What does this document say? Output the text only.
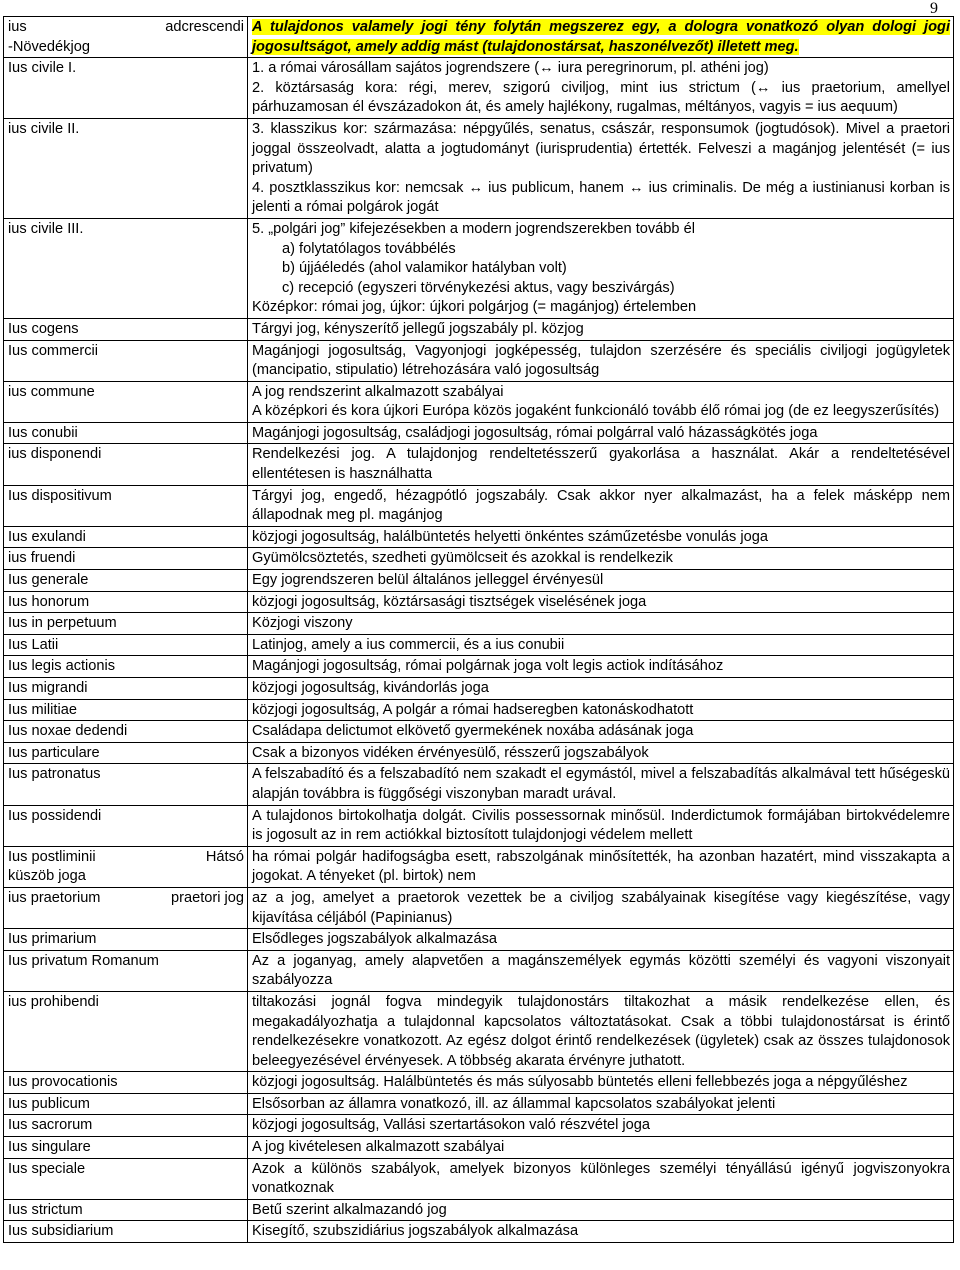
9
ius adcrescendi
-Növedékjog	A tulajdonos valamely jogi tény folytán megszerez egy, a dologra vonatkozó olyan dologi jogi jogosultságot, amely addig mást (tulajdonostársat, haszonélvezőt) illetett meg.
Ius civile I.	1. a római városállam sajátos jogrendszere (↔ iura peregrinorum, pl. athéni jog)
2. köztársaság kora: régi, merev, szigorú civiljog, mint ius strictum (↔ ius praetorium, amellyel párhuzamosan él évszázadokon át, és amely hajlékony, rugalmas, méltányos, vagyis = ius aequum)

ius civile II.	3. klasszikus kor: származása: népgyűlés, senatus, császár, responsumok (jogtudósok). Mivel a praetori joggal összeolvadt, alatta a jogtudományt (iurisprudentia) értették. Felveszi a magánjog jelentését (= ius privatum)
4. posztklasszikus kor: nemcsak ↔ ius publicum, hanem ↔ ius criminalis. De még a iustinianusi korban is jelenti a római polgárok jogát

ius civile III.	5. „polgári jog” kifejezésekben a modern jogrendszerekben tovább él
a) folytatólagos továbbélés
b) újjáéledés (ahol valamikor hatályban volt)
c) recepció (egyszeri törvénykezési aktus, vagy beszivárgás)
Középkor: római jog, újkor: újkori polgárjog (= magánjog) értelemben

Ius cogens	Tárgyi jog, kényszerítő jellegű jogszabály pl. közjog
Ius commercii	Magánjogi jogosultság, Vagyonjogi jogképesség, tulajdon szerzésére és speciális civiljogi jogügyletek (mancipatio, stipulatio) létrehozására való jogosultság
ius commune	A jog rendszerint alkalmazott szabályai
A középkori és kora újkori Európa közös jogaként funkcionáló tovább élő római jog (de ez leegyszerűsítés)

Ius conubii	Magánjogi jogosultság, családjogi jogosultság, római polgárral való házasságkötés joga
ius disponendi	Rendelkezési jog. A tulajdonjog rendeltetésszerű gyakorlása a használat. Akár a rendeltetésével ellentétesen is használhatta
Ius dispositivum	Tárgyi jog, engedő, hézagpótló jogszabály. Csak akkor nyer alkalmazást, ha a felek másképp nem állapodnak meg pl. magánjog
Ius exulandi	közjogi jogosultság, halálbüntetés helyetti önkéntes száműzetésbe vonulás joga
ius fruendi	Gyümölcsöztetés, szedheti gyümölcseit és azokkal is rendelkezik
Ius generale	Egy jogrendszeren belül általános jelleggel érvényesül
Ius honorum	közjogi jogosultság, köztársasági tisztségek viselésének joga
Ius in perpetuum	Közjogi viszony
Ius Latii	Latinjog, amely a ius commercii, és a ius conubii
Ius legis actionis	Magánjogi jogosultság, római polgárnak joga volt legis actiok indításához
Ius migrandi	közjogi jogosultság, kivándorlás joga
Ius militiae	közjogi jogosultság, A polgár a római hadseregben katonáskodhatott
Ius noxae dedendi	Családapa delictumot elkövető gyermekének noxába adásának joga
Ius particulare	Csak a bizonyos vidéken érvényesülő, résszerű jogszabályok
Ius patronatus	A felszabadító és a felszabadító nem szakadt el egymástól, mivel a felszabadítás alkalmával tett hűségeskü alapján továbbra is függőségi viszonyban maradt urával.
Ius possidendi	A tulajdonos birtokolhatja dolgát. Civilis possessornak minősül. Inderdictumok formájában birtokvédelemre is jogosult az in rem actiókkal biztosított tulajdonjogi védelem mellett

Ius postliminii Hátsó
küszöb joga	ha római polgár hadifogságba esett, rabszolgának minősítették, ha azonban hazatért, mind visszakapta a jogokat. A tényeket (pl. birtok) nem

ius praetorium praetori jog	az a jog, amelyet a praetorok vezettek be a civiljog szabályainak kisegítése vagy kiegészítése, vagy kijavítása céljából (Papinianus)
Ius primarium	Elsődleges jogszabályok alkalmazása
Ius privatum Romanum	Az a joganyag, amely alapvetően a magánszemélyek egymás közötti személyi és vagyoni viszonyait szabályozza
ius prohibendi	tiltakozási jognál fogva mindegyik tulajdonostárs tiltakozhat a másik rendelkezése ellen, és megakadályozhatja a tulajdonnal kapcsolatos változtatásokat. Csak a többi tulajdonostársat is érintő rendelkezésekre vonatkozott. Az egész dolgot érintő rendelkezések (ügyletek) csak az összes tulajdonosok beleegyezésével érvényesek. A többség akarata érvényre juthatott.
Ius provocationis	közjogi jogosultság. Halálbüntetés és más súlyosabb büntetés elleni fellebbezés joga a népgyűléshez
Ius publicum	Elsősorban az államra vonatkozó, ill. az állammal kapcsolatos szabályokat jelenti
Ius sacrorum	közjogi jogosultság, Vallási szertartásokon való részvétel joga
Ius singulare	A jog kivételesen alkalmazott szabályai
Ius speciale	Azok a különös szabályok, amelyek bizonyos különleges személyi tényállású igényű jogviszonyokra vonatkoznak
Ius strictum	Betű szerint alkalmazandó jog
Ius subsidiarium	Kisegítő, szubszidiárius jogszabályok alkalmazása
